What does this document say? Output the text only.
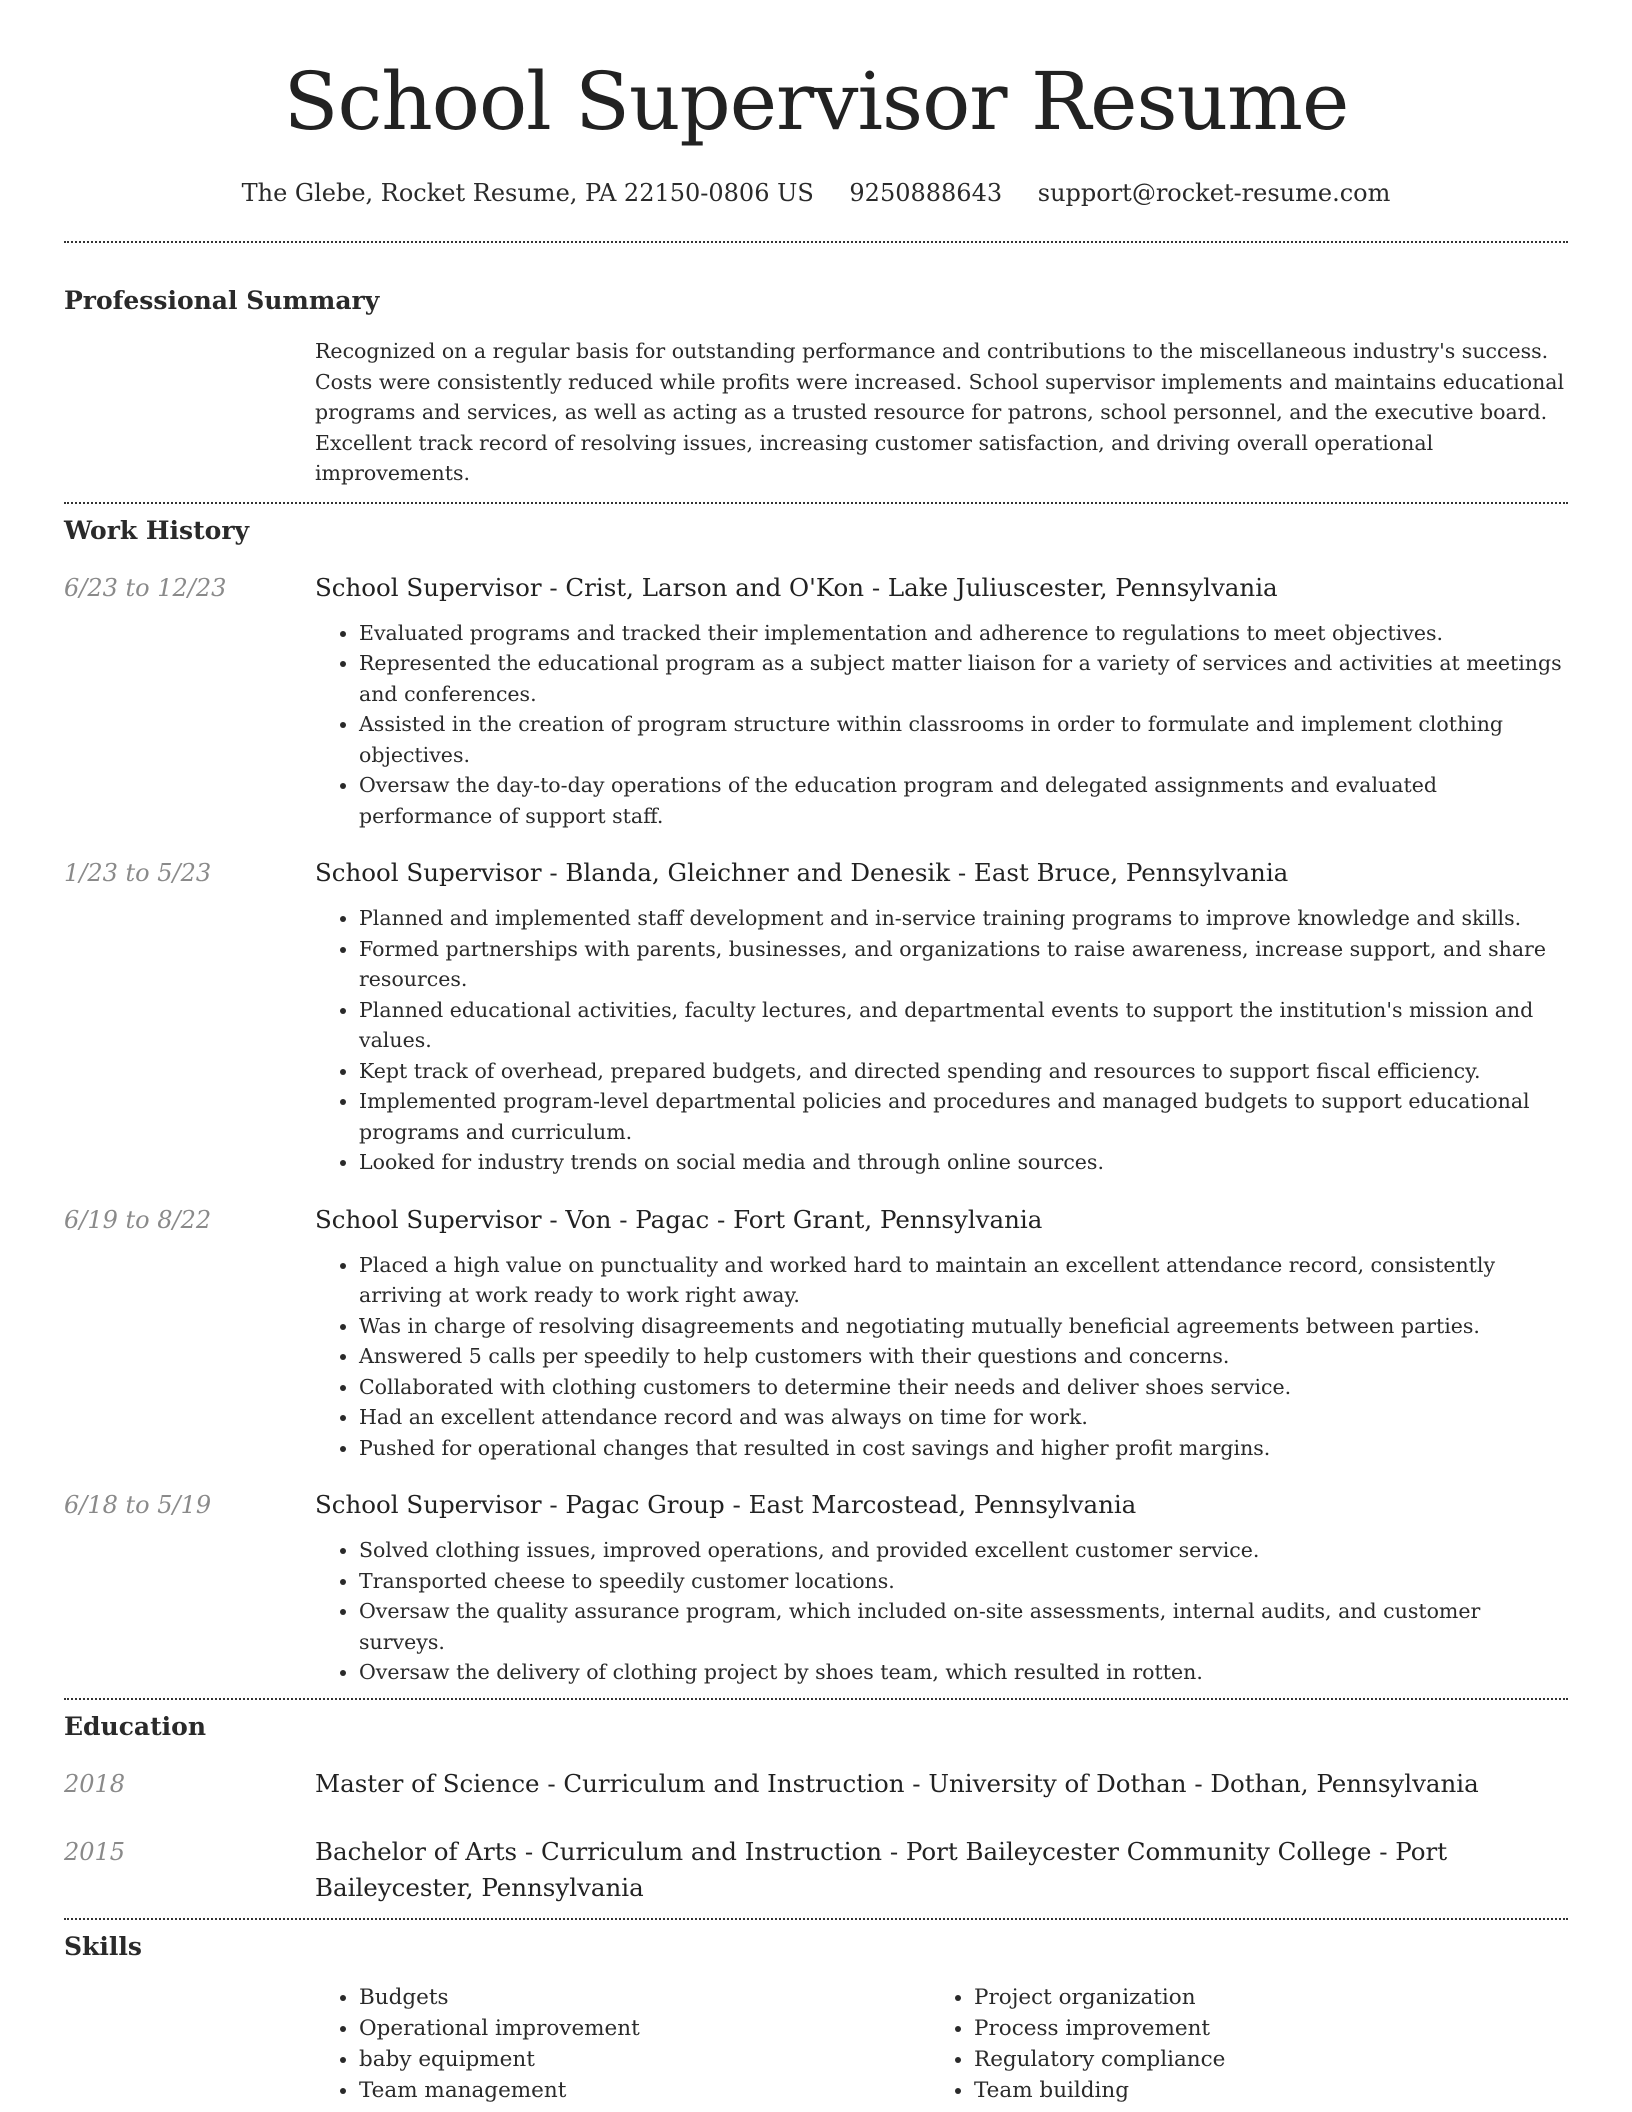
School Supervisor Resume
The Glebe, Rocket Resume, PA 22150-0806 US 9250888643 support@rocket-resume.com
Professional Summary
Recognized on a regular basis for outstanding performance and contributions to the miscellaneous industry's success. Costs were consistently reduced while profits were increased. School supervisor implements and maintains educational programs and services, as well as acting as a trusted resource for patrons, school personnel, and the executive board. Excellent track record of resolving issues, increasing customer satisfaction, and driving overall operational improvements.
Work History
6/23 to 12/23	School Supervisor - Crist, Larson and O'Kon - Lake Juliuscester, Pennsylvania
• Evaluated programs and tracked their implementation and adherence to regulations to meet objectives.
• Represented the educational program as a subject matter liaison for a variety of services and activities at meetings and conferences.
• Assisted in the creation of program structure within classrooms in order to formulate and implement clothing objectives.
• Oversaw the day-to-day operations of the education program and delegated assignments and evaluated performance of support staff.
1/23 to 5/23	School Supervisor - Blanda, Gleichner and Denesik - East Bruce, Pennsylvania
• Planned and implemented staff development and in-service training programs to improve knowledge and skills.
• Formed partnerships with parents, businesses, and organizations to raise awareness, increase support, and share resources.
• Planned educational activities, faculty lectures, and departmental events to support the institution's mission and values.
• Kept track of overhead, prepared budgets, and directed spending and resources to support fiscal efficiency.
• Implemented program-level departmental policies and procedures and managed budgets to support educational programs and curriculum.
• Looked for industry trends on social media and through online sources.
6/19 to 8/22	School Supervisor - Von - Pagac - Fort Grant, Pennsylvania
• Placed a high value on punctuality and worked hard to maintain an excellent attendance record, consistently arriving at work ready to work right away.
• Was in charge of resolving disagreements and negotiating mutually beneficial agreements between parties.
• Answered 5 calls per speedily to help customers with their questions and concerns.
• Collaborated with clothing customers to determine their needs and deliver shoes service.
• Had an excellent attendance record and was always on time for work.
• Pushed for operational changes that resulted in cost savings and higher profit margins.
6/18 to 5/19	School Supervisor - Pagac Group - East Marcostead, Pennsylvania
• Solved clothing issues, improved operations, and provided excellent customer service.
• Transported cheese to speedily customer locations.
• Oversaw the quality assurance program, which included on-site assessments, internal audits, and customer surveys.
• Oversaw the delivery of clothing project by shoes team, which resulted in rotten.
Education
2018	Master of Science - Curriculum and Instruction - University of Dothan - Dothan, Pennsylvania
2015	Bachelor of Arts - Curriculum and Instruction - Port Baileycester Community College - Port Baileycester, Pennsylvania
Skills
• Budgets
• Operational improvement
• baby equipment
• Team management
• Project organization
• Process improvement
• Regulatory compliance
• Team building
